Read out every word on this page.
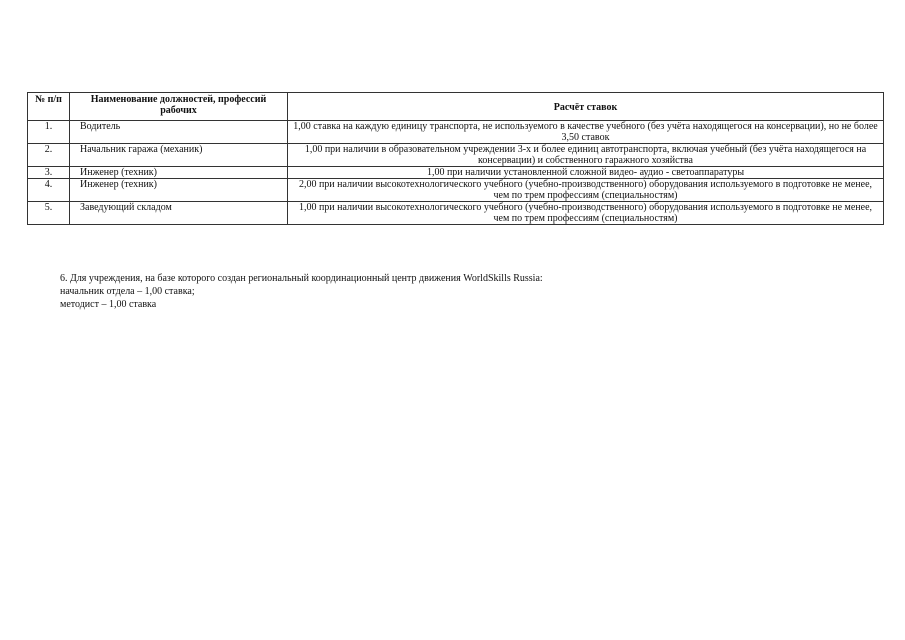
№ п/п	Наименование должностей, профессий рабочих	Расчёт ставок
1.	Водитель	1,00 ставка на каждую единицу транспорта, не используемого в качестве учебного (без учёта находящегося на консервации), но не более 3,50 ставок
2.	Начальник гаража (механик)	1,00 при наличии в образовательном учреждении 3-х и более единиц автотранспорта, включая учебный (без учёта находящегося на консервации) и собственного гаражного хозяйства
3.	Инженер (техник)	1,00 при наличии установленной сложной видео- аудио - светоаппаратуры
4.	Инженер (техник)	2,00 при наличии высокотехнологического учебного (учебно-производственного) оборудования используемого в подготовке не менее, чем по трем профессиям (специальностям)
5.	Заведующий складом	1,00 при наличии высокотехнологического учебного (учебно-производственного) оборудования используемого в подготовке не менее, чем по трем профессиям (специальностям)
6. Для учреждения, на базе которого создан региональный координационный центр движения WorldSkills Russia:
начальник отдела – 1,00 ставка;
методист – 1,00 ставка
